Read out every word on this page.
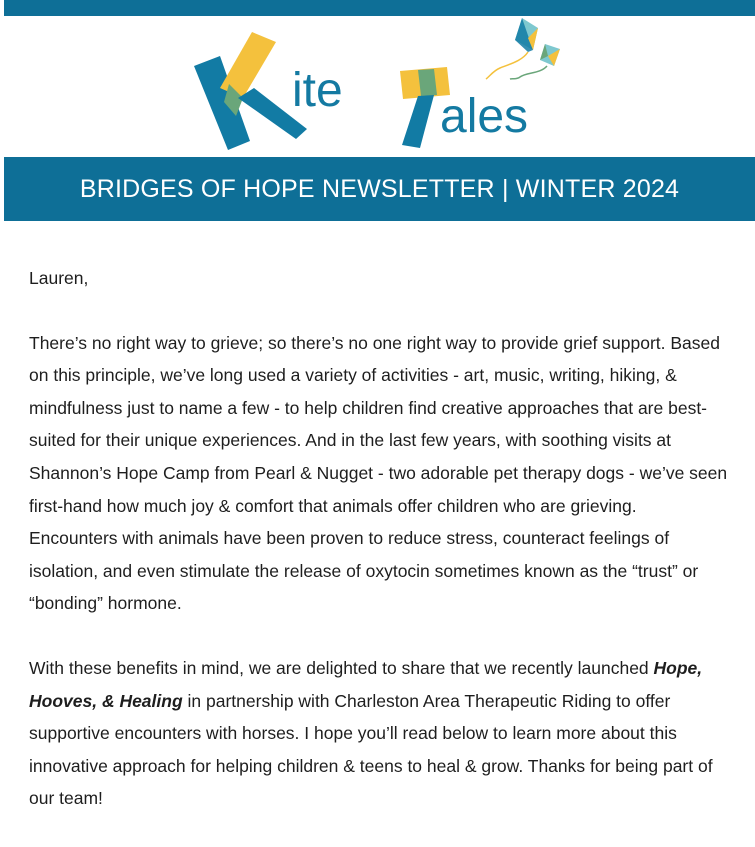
ite ales
BRIDGES OF HOPE NEWSLETTER | WINTER 2024

Lauren,

There’s no right way to grieve; so there’s no one right way to provide grief support. Based on this principle, we’ve long used a variety of activities - art, music, writing, hiking, & mindfulness just to name a few - to help children find creative approaches that are best-suited for their unique experiences. And in the last few years, with soothing visits at Shannon’s Hope Camp from Pearl & Nugget - two adorable pet therapy dogs - we’ve seen first-hand how much joy & comfort that animals offer children who are grieving. Encounters with animals have been proven to reduce stress, counteract feelings of isolation, and even stimulate the release of oxytocin sometimes known as the “trust” or “bonding” hormone.

With these benefits in mind, we are delighted to share that we recently launched Hope, Hooves, & Healing in partnership with Charleston Area Therapeutic Riding to offer supportive encounters with horses. I hope you’ll read below to learn more about this innovative approach for helping children & teens to heal & grow. Thanks for being part of our team!
